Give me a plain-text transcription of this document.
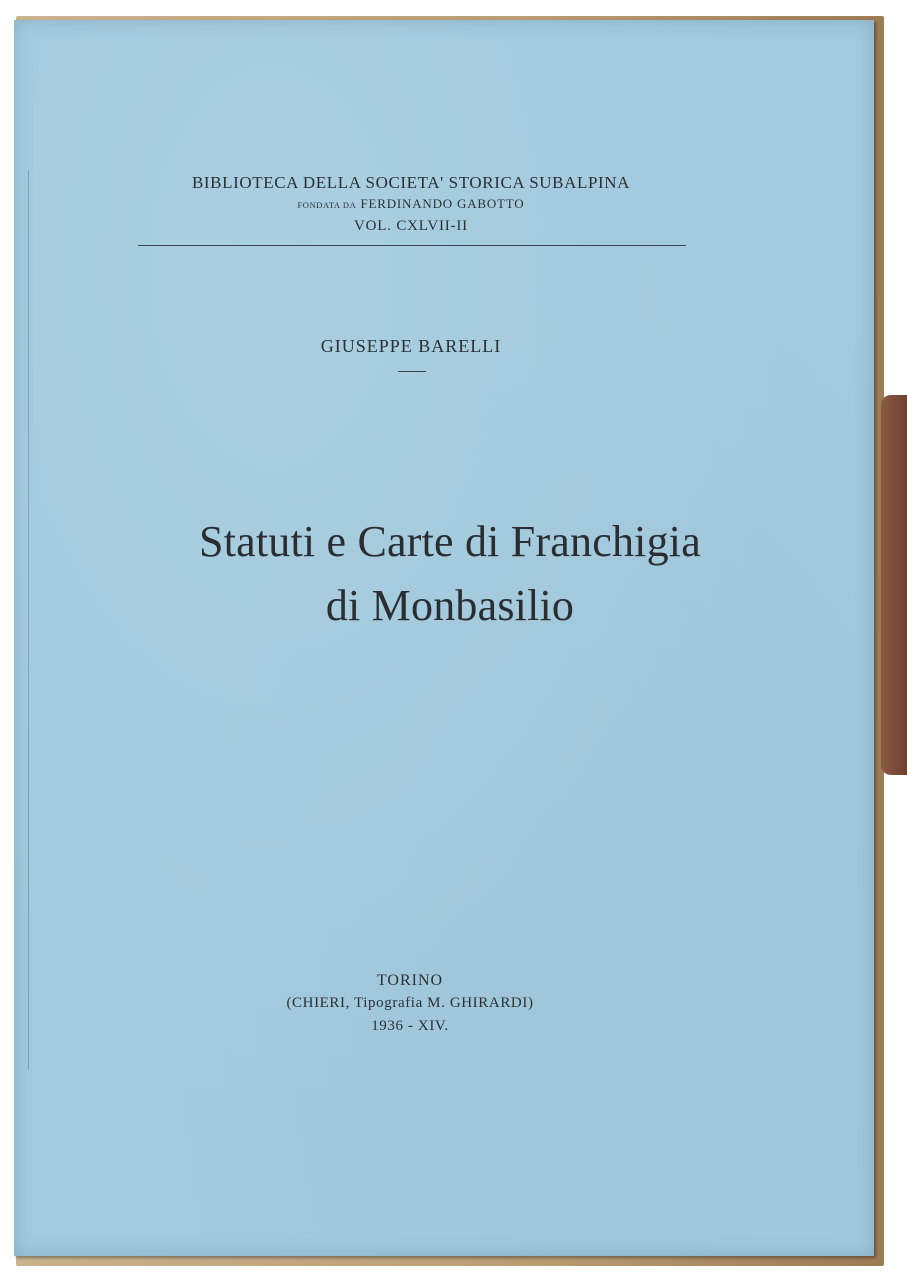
BIBLIOTECA DELLA SOCIETA' STORICA SUBALPINA
FONDATA DA FERDINANDO GABOTTO
VOL. CXLVII-II
GIUSEPPE BARELLI
Statuti e Carte di Franchigia
di Monbasilio
TORINO
(CHIERI, Tipografia M. GHIRARDI)
1936 - XIV.
